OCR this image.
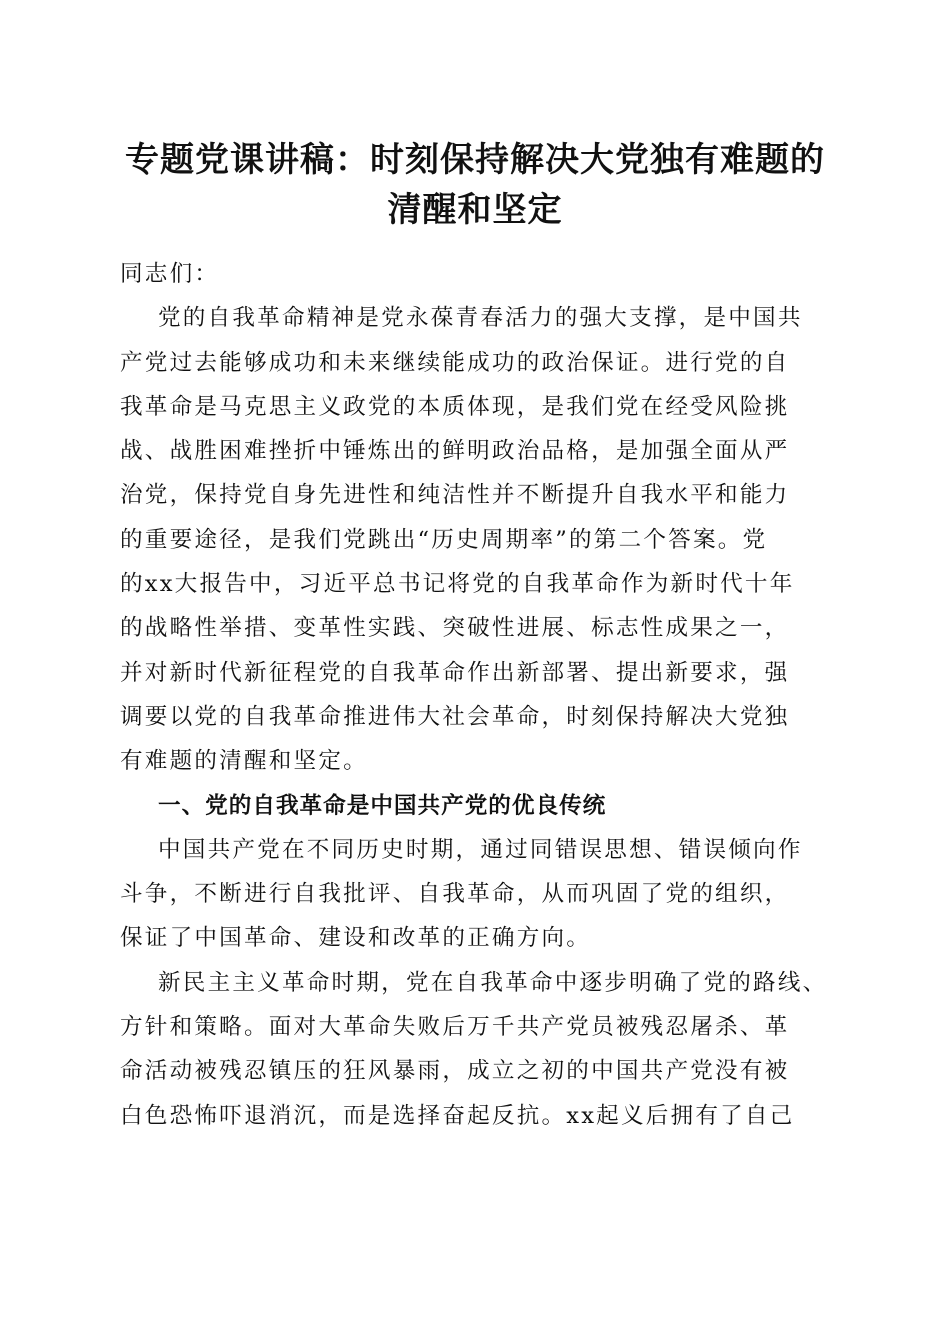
专题党课讲稿：时刻保持解决大党独有难题的
清醒和坚定
同志们：
党的自我革命精神是党永葆青春活力的强大支撑，是中国共
产党过去能够成功和未来继续能成功的政治保证。进行党的自
我革命是马克思主义政党的本质体现，是我们党在经受风险挑
战、战胜困难挫折中锤炼出的鲜明政治品格，是加强全面从严
治党，保持党自身先进性和纯洁性并不断提升自我水平和能力
的重要途径，是我们党跳出“历史周期率”的第二个答案。党
的xx大报告中，习近平总书记将党的自我革命作为新时代十年
的战略性举措、变革性实践、突破性进展、标志性成果之一，
并对新时代新征程党的自我革命作出新部署、提出新要求，强
调要以党的自我革命推进伟大社会革命，时刻保持解决大党独
有难题的清醒和坚定。
一、党的自我革命是中国共产党的优良传统
中国共产党在不同历史时期，通过同错误思想、错误倾向作
斗争，不断进行自我批评、自我革命，从而巩固了党的组织，
保证了中国革命、建设和改革的正确方向。
新民主主义革命时期，党在自我革命中逐步明确了党的路线、
方针和策略。面对大革命失败后万千共产党员被残忍屠杀、革
命活动被残忍镇压的狂风暴雨，成立之初的中国共产党没有被
白色恐怖吓退消沉，而是选择奋起反抗。xx起义后拥有了自己
